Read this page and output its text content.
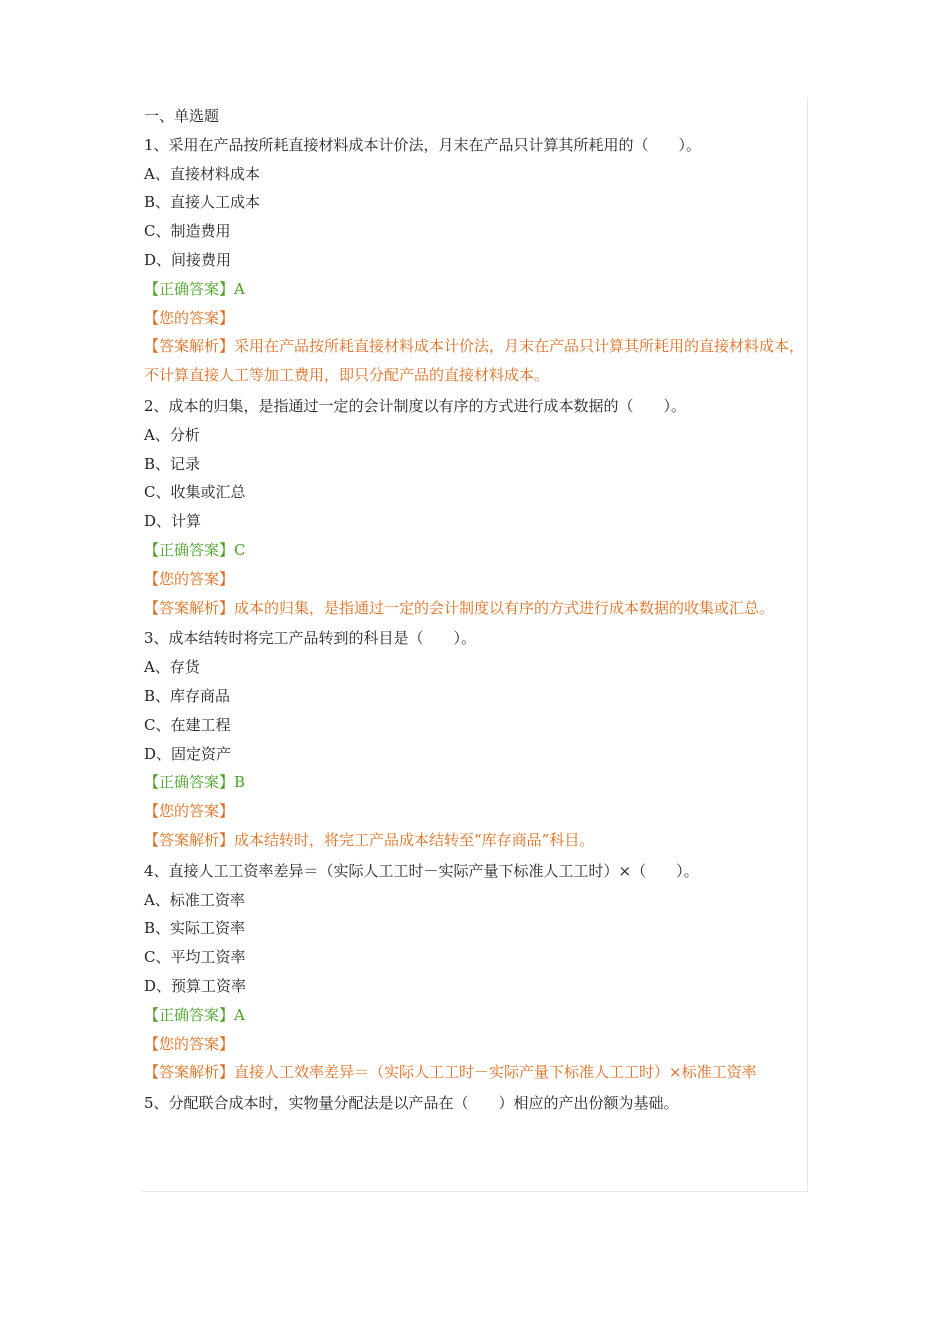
一、单选题
1、采用在产品按所耗直接材料成本计价法，月末在产品只计算其所耗用的（　　）。
A、直接材料成本
B、直接人工成本
C、制造费用
D、间接费用
【正确答案】A
【您的答案】
【答案解析】采用在产品按所耗直接材料成本计价法，月末在产品只计算其所耗用的直接材料成本，不计算直接人工等加工费用，即只分配产品的直接材料成本。
2、成本的归集，是指通过一定的会计制度以有序的方式进行成本数据的（　　）。
A、分析
B、记录
C、收集或汇总
D、计算
【正确答案】C
【您的答案】
【答案解析】成本的归集，是指通过一定的会计制度以有序的方式进行成本数据的收集或汇总。
3、成本结转时将完工产品转到的科目是（　　）。
A、存货
B、库存商品
C、在建工程
D、固定资产
【正确答案】B
【您的答案】
【答案解析】成本结转时，将完工产品成本结转至“库存商品”科目。
4、直接人工工资率差异＝（实际人工工时－实际产量下标准人工工时）×（　　）。
A、标准工资率
B、实际工资率
C、平均工资率
D、预算工资率
【正确答案】A
【您的答案】
【答案解析】直接人工效率差异＝（实际人工工时－实际产量下标准人工工时）×标准工资率
5、分配联合成本时，实物量分配法是以产品在（　　）相应的产出份额为基础。
